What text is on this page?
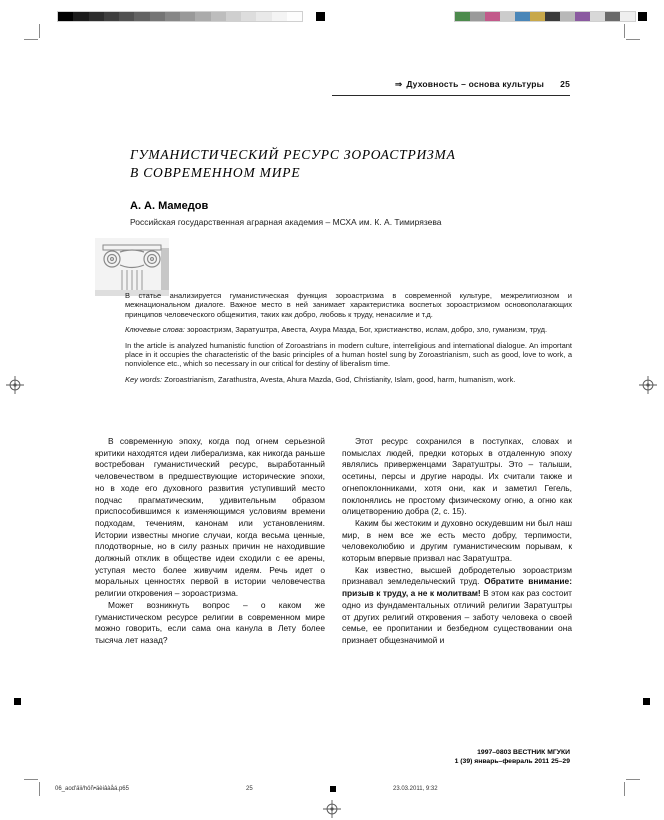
⇒ Духовность – основа культуры 25
ГУМАНИСТИЧЕСКИЙ РЕСУРС ЗОРОАСТРИЗМА
В СОВРЕМЕННОМ МИРЕ
А. А. Мамедов
Российская государственная аграрная академия – МСХА им. К. А. Тимирязева

В статье анализируется гуманистическая функция зороастризма в современной культуре, межрелигиозном и межнациональном диалоге. Важное место в ней занимает характеристика воспетых зороастризмом основополагающих принципов человеческого общежития, таких как добро, любовь к труду, ненасилие и т.д.

Ключевые слова: зороастризм, Заратуштра, Авеста, Ахура Мазда, Бог, христианство, ислам, добро, зло, гуманизм, труд.

In the article is analyzed humanistic function of Zoroastrians in modern culture, interreligious and international dialogue. An important place in it occupies the characteristic of the basic principles of a human hostel sung by Zoroastrianism, such as good, love to work, a nonviolence etc., which so necessary in our critical for destiny of liberalism time.

Key words: Zoroastrianism, Zarathustra, Avesta, Ahura Mazda, God, Christianity, Islam, good, harm, humanism, work.

В современную эпоху, когда под огнем серьезной критики находятся идеи либерализма, как никогда раньше востребован гуманистический ресурс, выработанный человечеством в предшествующие исторические эпохи, но в ходе его духовного развития уступивший место подчас прагматическим, удивительным образом приспособившимся к изменяющимся условиям времени подходам, течениям, канонам или установлениям. Истории известны многие случаи, когда весьма ценные, плодотворные, но в силу разных причин не находившие должный отклик в обществе идеи сходили с ее арены, уступая место более живучим идеям. Речь идет о моральных ценностях первой в истории человечества религии откровения – зороастризма.

Может возникнуть вопрос – о каком же гуманистическом ресурсе религии в современном мире можно говорить, если сама она канула в Лету более тысяча лет назад?

Этот ресурс сохранился в поступках, словах и помыслах людей, предки которых в отдаленную эпоху являлись приверженцами Заратуштры. Это – талыши, осетины, персы и другие народы. Их считали также и огнепоклонниками, хотя они, как и заметил Гегель, поклонялись не простому физическому огню, а огню как олицетворению добра (2, с. 15).

Каким бы жестоким и духовно оскудевшим ни был наш мир, в нем все же есть место добру, терпимости, человеколюбию и другим гуманистическим порывам, к которым впервые призвал нас Заратуштра.

Как известно, высшей добродетелью зороастризм признавал земледельческий труд. Обратите внимание: призыв к труду, а не к молитвам! В этом как раз состоит одно из фундаментальных отличий религии Заратуштры от других религий откровения – заботу человека о своей семье, ее пропитании и безбедном существовании она признает общезначимой и

1997–0803 ВЕСТНИК МГУКИ
1 (39) январь–февраль 2011 25–29
06_aod'äii/höñ•äèiâàåá.p65	25	23.03.2011, 9:32
